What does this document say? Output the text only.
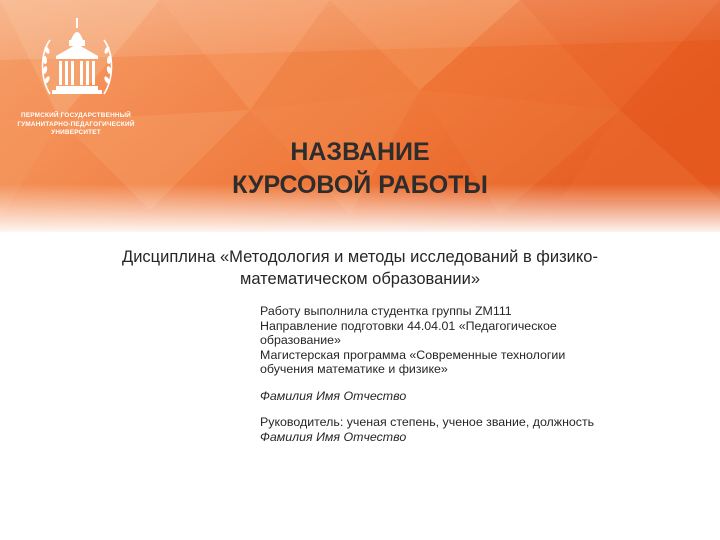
ПЕРМСКИЙ ГОСУДАРСТВЕННЫЙ
ГУМАНИТАРНО-ПЕДАГОГИЧЕСКИЙ
УНИВЕРСИТЕТ
НАЗВАНИЕ
КУРСОВОЙ РАБОТЫ
Дисциплина «Методология и методы исследований в физико-
математическом образовании»
Работу выполнила студентка группы ZM111
Направление подготовки 44.04.01 «Педагогическое
образование»
Магистерская программа «Современные технологии
обучения математике и физике»
Фамилия Имя Отчество
Руководитель: ученая степень, ученое звание, должность
Фамилия Имя Отчество
